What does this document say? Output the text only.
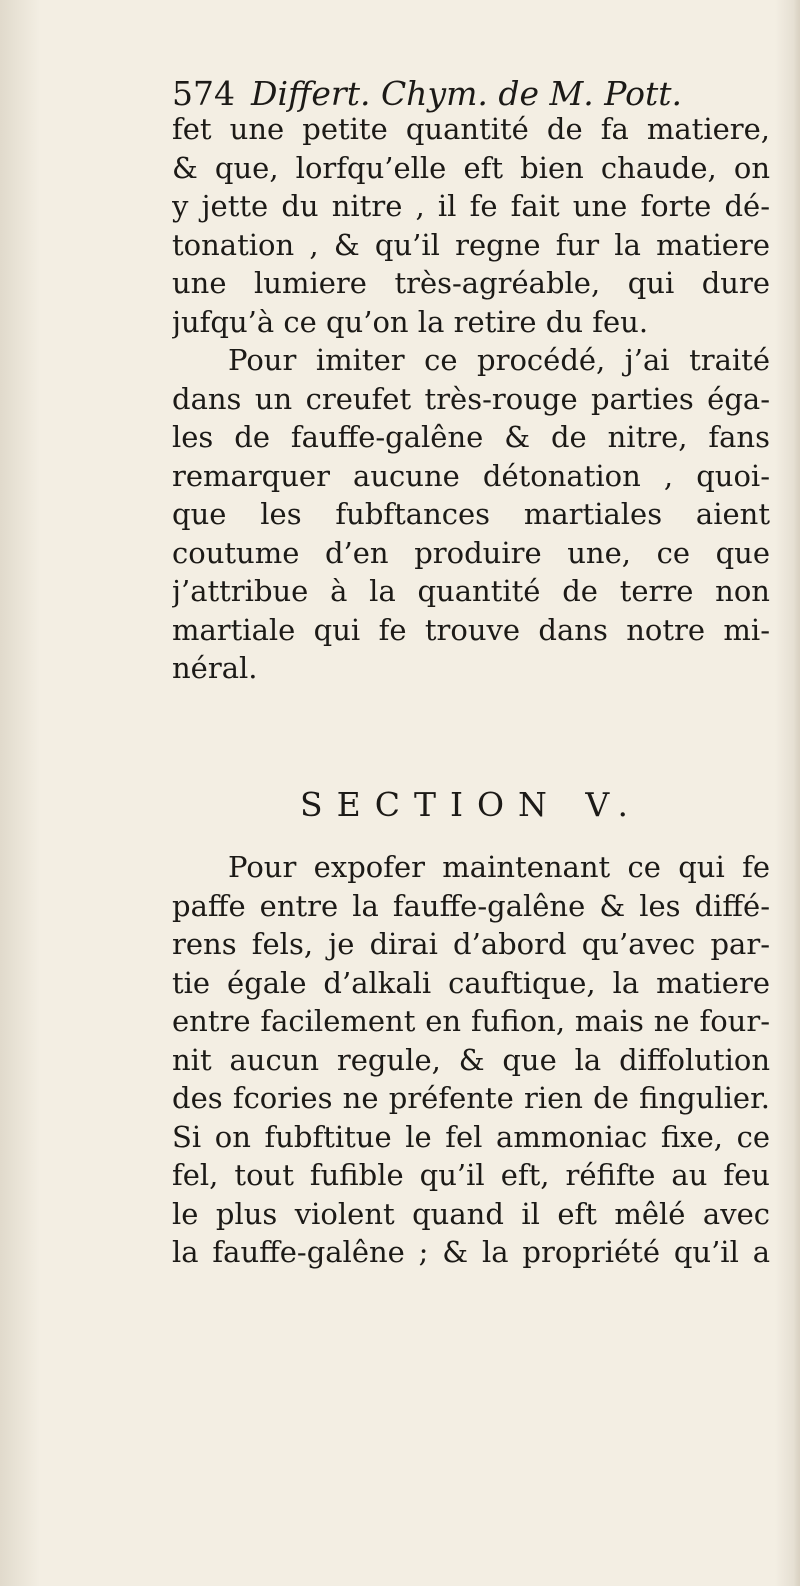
574 Differt. Chym. de M. Pott.
fet une petite quantité de fa matiere,
& que, lorfqu’elle eft bien chaude, on
y jette du nitre , il fe fait une forte dé-
tonation , & qu’il regne fur la matiere
une lumiere très-agréable, qui dure
jufqu’à ce qu’on la retire du feu.
Pour imiter ce procédé, j’ai traité
dans un creufet très-rouge parties éga-
les de fauffe-galêne & de nitre, fans
remarquer aucune détonation , quoi-
que les fubftances martiales aient
coutume d’en produire une, ce que
j’attribue à la quantité de terre non
martiale qui fe trouve dans notre mi-
néral.
SECTION V.
Pour expofer maintenant ce qui fe
paffe entre la fauffe-galêne & les diffé-
rens fels, je dirai d’abord qu’avec par-
tie égale d’alkali cauftique, la matiere
entre facilement en fufion, mais ne four-
nit aucun regule, & que la diffolution
des fcories ne préfente rien de fingulier.
Si on fubftitue le fel ammoniac fixe, ce
fel, tout fufible qu’il eft, réfifte au feu
le plus violent quand il eft mêlé avec
la fauffe-galêne ; & la propriété qu’il a
